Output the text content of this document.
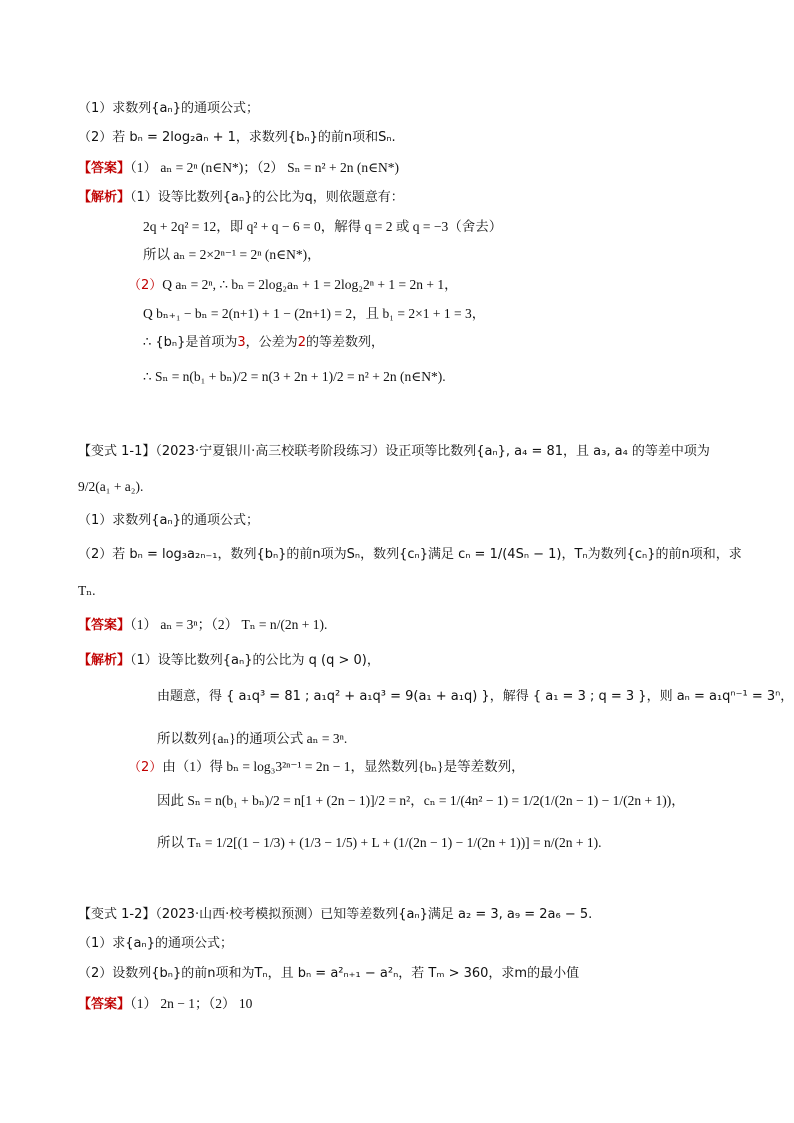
（1）求数列{aₙ}的通项公式；
（2）若 bₙ = 2log₂aₙ + 1，求数列{bₙ}的前n项和Sₙ.
【答案】（1） aₙ = 2ⁿ (n∈N*)；（2） Sₙ = n² + 2n (n∈N*)
【解析】（1）设等比数列{aₙ}的公比为q，则依题意有：
2q + 2q² = 12，即 q² + q − 6 = 0，解得 q = 2 或 q = −3（舍去）
所以 aₙ = 2×2ⁿ⁻¹ = 2ⁿ (n∈N*)，
（2）Q aₙ = 2ⁿ, ∴ bₙ = 2log₂aₙ + 1 = 2log₂2ⁿ + 1 = 2n + 1，
Q bₙ₊₁ − bₙ = 2(n+1) + 1 − (2n+1) = 2，且 b₁ = 2×1 + 1 = 3，
∴ {bₙ}是首项为3，公差为2的等差数列，
∴ Sₙ = n(b₁ + bₙ)/2 = n(3 + 2n + 1)/2 = n² + 2n (n∈N*).
【变式 1-1】（2023·宁夏银川·高三校联考阶段练习）设正项等比数列{aₙ}, a₄ = 81，且 a₃, a₄ 的等差中项为
9/2(a₁ + a₂).
（1）求数列{aₙ}的通项公式；
（2）若 bₙ = log₃a₂ₙ₋₁，数列{bₙ}的前n项为Sₙ，数列{cₙ}满足 cₙ = 1/(4Sₙ − 1)，Tₙ为数列{cₙ}的前n项和，求
Tₙ.
【答案】（1） aₙ = 3ⁿ；（2） Tₙ = n/(2n + 1).
【解析】（1）设等比数列{aₙ}的公比为 q (q > 0)，
由题意，得 { a₁q³ = 81 ; a₁q² + a₁q³ = 9(a₁ + a₁q) }，解得 { a₁ = 3 ; q = 3 }，则 aₙ = a₁qⁿ⁻¹ = 3ⁿ，
所以数列{aₙ}的通项公式 aₙ = 3ⁿ.
（2）由（1）得 bₙ = log₃3²ⁿ⁻¹ = 2n − 1，显然数列{bₙ}是等差数列，
因此 Sₙ = n(b₁ + bₙ)/2 = n[1 + (2n − 1)]/2 = n²，cₙ = 1/(4n² − 1) = 1/2(1/(2n − 1) − 1/(2n + 1))，
所以 Tₙ = 1/2[(1 − 1/3) + (1/3 − 1/5) + L + (1/(2n − 1) − 1/(2n + 1))] = n/(2n + 1).
【变式 1-2】（2023·山西·校考模拟预测）已知等差数列{aₙ}满足 a₂ = 3, a₉ = 2a₆ − 5.
（1）求{aₙ}的通项公式；
（2）设数列{bₙ}的前n项和为Tₙ，且 bₙ = a²ₙ₊₁ − a²ₙ，若 Tₘ > 360，求m的最小值
【答案】（1） 2n − 1；（2） 10
